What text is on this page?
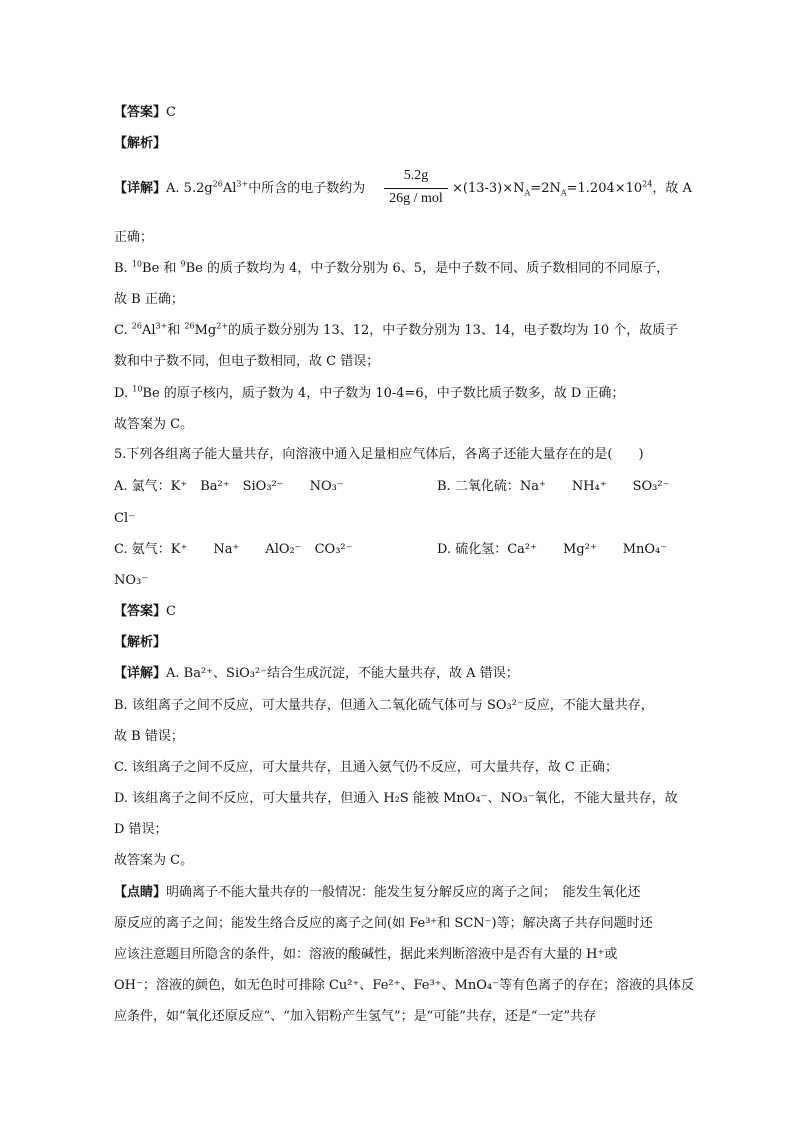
【答案】C
【解析】
【详解】A. $5.2g^{26}Al^{3+}$中所含的电子数约为
5.2g
26g / mol
$\times(13-3)\times N_A=2N_A=1.204\times 10^{24}$，故 A
正确；
B. $^{10}$Be 和 $^9$Be 的质子数均为 4，中子数分别为 6、5，是中子数不同、质子数相同的不同原子，
故 B 正确；
C. $^{26}Al^{3+}$和 $^{26}Mg^{2+}$的质子数分别为 13、12，中子数分别为 13、14，电子数均为 10 个，故质子
数和中子数不同，但电子数相同，故 C 错误；
D. $^{10}$Be 的原子核内，质子数为 4，中子数为 10-4=6，中子数比质子数多，故 D 正确；
故答案为 C。
5.下列各组离子能大量共存，向溶液中通入足量相应气体后，各离子还能大量存在的是(　　)
A. 氯气：K⁺　Ba²⁺　SiO₃²⁻　　NO₃⁻	B. 二氧化硫：Na⁺　　NH₄⁺　　SO₃²⁻
Cl⁻
C. 氨气：K⁺　　Na⁺　　AlO₂⁻　CO₃²⁻	D. 硫化氢：Ca²⁺　　Mg²⁺　　MnO₄⁻
NO₃⁻
【答案】C
【解析】
【详解】A. Ba²⁺、SiO₃²⁻结合生成沉淀，不能大量共存，故 A 错误；
B. 该组离子之间不反应，可大量共存，但通入二氧化硫气体可与 SO₃²⁻反应，不能大量共存，
故 B 错误；
C. 该组离子之间不反应，可大量共存，且通入氨气仍不反应，可大量共存，故 C 正确；
D. 该组离子之间不反应，可大量共存，但通入 H₂S 能被 MnO₄⁻、NO₃⁻氧化，不能大量共存，故
D 错误；
故答案为 C。
【点睛】明确离子不能大量共存的一般情况：能发生复分解反应的离子之间；　能发生氧化还
原反应的离子之间；能发生络合反应的离子之间(如 Fe³⁺和 SCN⁻)等；解决离子共存问题时还
应该注意题目所隐含的条件，如：溶液的酸碱性，据此来判断溶液中是否有大量的 H⁺或
OH⁻；溶液的颜色，如无色时可排除 Cu²⁺、Fe²⁺、Fe³⁺、MnO₄⁻等有色离子的存在；溶液的具体反
应条件，如“氧化还原反应”、“加入铝粉产生氢气”；是“可能”共存，还是“一定”共存
